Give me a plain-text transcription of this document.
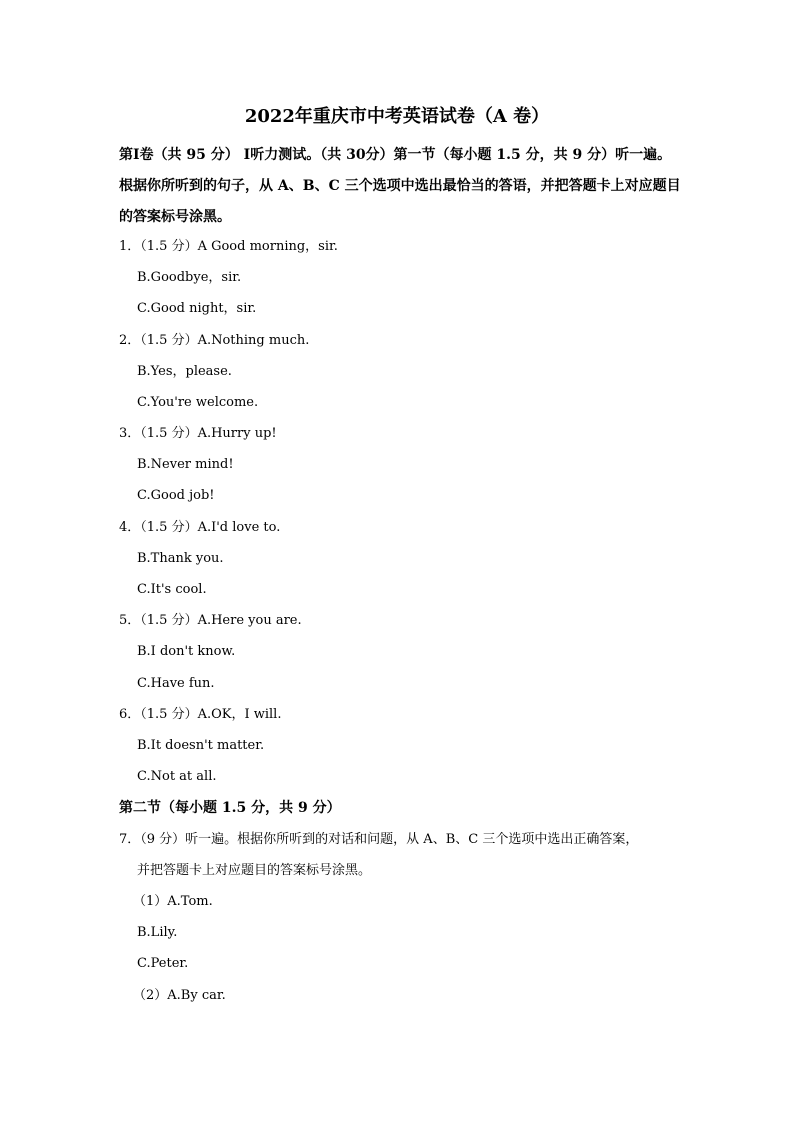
2022年重庆市中考英语试卷（A 卷）
第Ⅰ卷（共 95 分） Ⅰ听力测试。（共 30分）第一节（每小题 1.5 分，共 9 分）听一遍。
根据你所听到的句子，从 A、B、C 三个选项中选出最恰当的答语，并把答题卡上对应题目
的答案标号涂黑。
1．（1.5 分）A Good morning，sir.
B.Goodbye，sir.
C.Good night，sir.
2．（1.5 分）A.Nothing much.
B.Yes，please.
C.You're welcome.
3．（1.5 分）A.Hurry up!
B.Never mind!
C.Good job!
4．（1.5 分）A.I'd love to.
B.Thank you.
C.It's cool.
5．（1.5 分）A.Here you are.
B.I don't know.
C.Have fun.
6．（1.5 分）A.OK，I will.
B.It doesn't matter.
C.Not at all.
第二节（每小题 1.5 分，共 9 分）
7．（9 分）听一遍。根据你所听到的对话和问题，从 A、B、C 三个选项中选出正确答案，
并把答题卡上对应题目的答案标号涂黑。
（1）A.Tom.
B.Lily.
C.Peter.
（2）A.By car.
